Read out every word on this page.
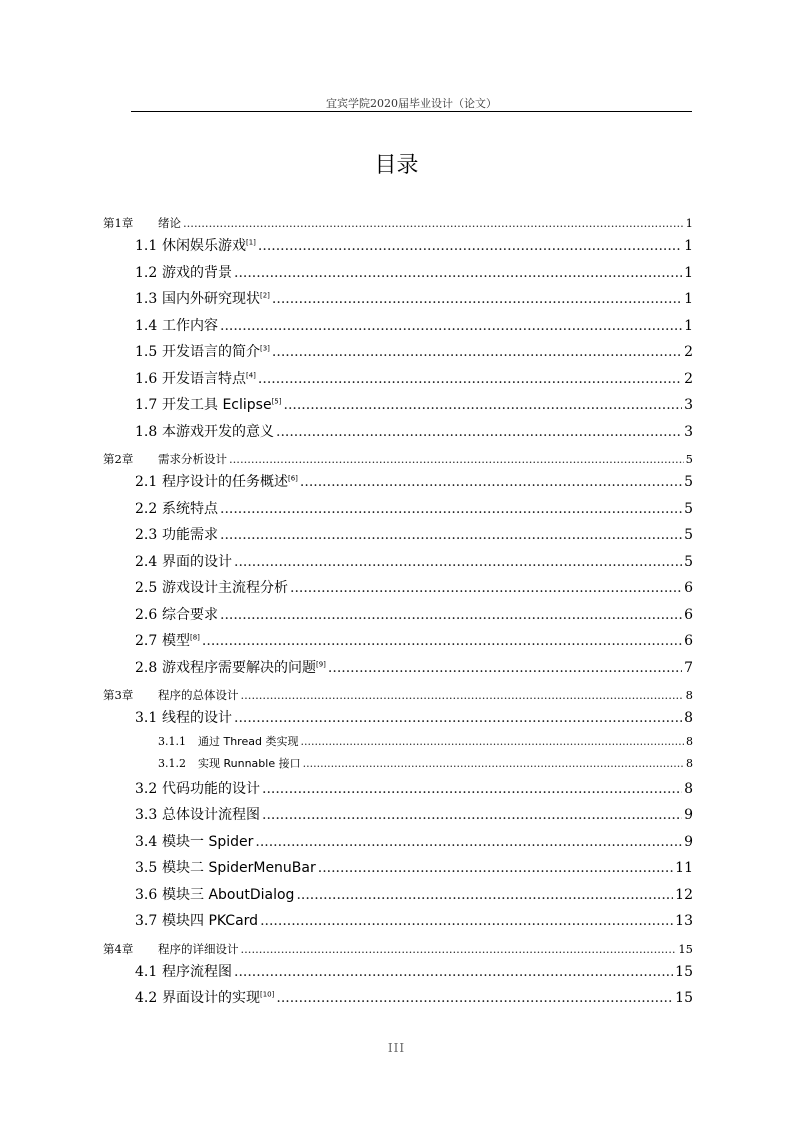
宜宾学院2020届毕业设计（论文）
目录
第1章	绪论 .....	1
1.1 休闲娱乐游戏[1] .....	1
1.2 游戏的背景 .....	1
1.3 国内外研究现状[2] .....	1
1.4 工作内容 .....	1
1.5 开发语言的简介[3] .....	2
1.6 开发语言特点[4] .....	2
1.7 开发工具 Eclipse[5] .....	3
1.8 本游戏开发的意义 .....	3
第2章	需求分析设计 .....	5
2.1 程序设计的任务概述[6] .....	5
2.2 系统特点 .....	5
2.3 功能需求 .....	5
2.4 界面的设计 .....	5
2.5 游戏设计主流程分析 .....	6
2.6 综合要求 .....	6
2.7 模型[8] .....	6
2.8 游戏程序需要解决的问题[9] .....	7
第3章	程序的总体设计 .....	8
3.1 线程的设计 .....	8
3.1.1	通过 Thread 类实现 .....	8
3.1.2	实现 Runnable 接口 .....	8
3.2 代码功能的设计 .....	8
3.3 总体设计流程图 .....	9
3.4 模块一 Spider .....	9
3.5 模块二 SpiderMenuBar .....	11
3.6 模块三 AboutDialog .....	12
3.7 模块四 PKCard .....	13
第4章	程序的详细设计 .....	15
4.1 程序流程图 .....	15
4.2 界面设计的实现[10] .....	15
III
